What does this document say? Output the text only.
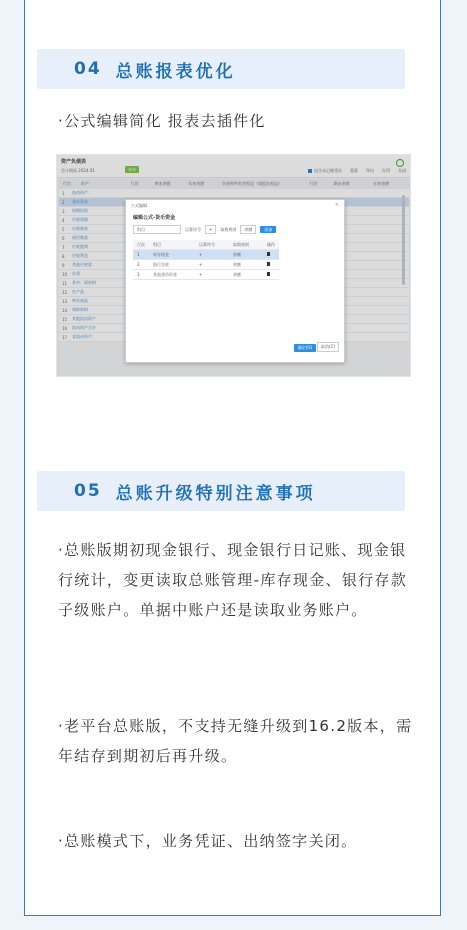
04 总账报表优化
·公式编辑简化 报表去插件化
资产负债表
会计期间 2024.01	查询	包含未记账凭证 重算 导出 打印 关闭
行次	资产	行次	期末余额	年初余额	负债和所有者权益（或股东权益）	行次	期末余额	年初余额
1	流动资产：
2	货币资金
3	短期投资
4	应收票据
5	应收账款
6	预付账款
7	应收股利
8	应收利息
9	其他应收款
10	存货
11	其中：原材料
12	在产品
13	库存商品
14	周转材料
15	其他流动资产
16	流动资产合计
17	非流动资产：
公式编辑	×
编辑公式-货币资金
科目	运算符号	+	取数规则	余额	添加
行次	科目	运算符号	取数规则	操作
1	库存现金	+	余额	
2	银行存款	+	余额	
3	其他货币资金	+	余额	
确定(O)	取消(C)
05 总账升级特别注意事项
·总账版期初现金银行、现金银行日记账、现金银行统计，变更读取总账管理-库存现金、银行存款子级账户。单据中账户还是读取业务账户。
·老平台总账版，不支持无缝升级到16.2版本，需年结存到期初后再升级。
·总账模式下，业务凭证、出纳签字关闭。
